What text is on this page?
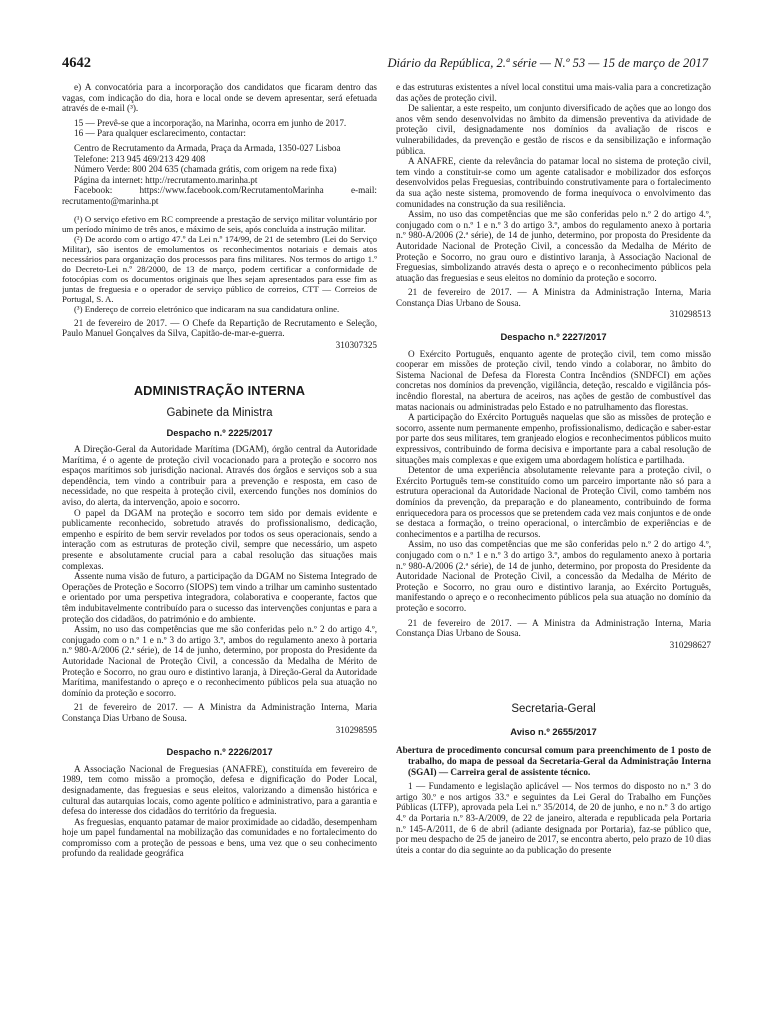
4642	Diário da República, 2.ª série — N.º 53 — 15 de março de 2017

e) A convocatória para a incorporação dos candidatos que ficaram dentro das vagas, com indicação do dia, hora e local onde se devem apresentar, será efetuada através de e-mail (³).

15 — Prevê-se que a incorporação, na Marinha, ocorra em junho de 2017.

16 — Para qualquer esclarecimento, contactar:

Centro de Recrutamento da Armada, Praça da Armada, 1350-027 Lisboa

Telefone: 213 945 469/213 429 408

Número Verde: 800 204 635 (chamada grátis, com origem na rede fixa)

Página da internet: http://recrutamento.marinha.pt

Facebook: https://www.facebook.com/RecrutamentoMarinha e-mail: recrutamento@marinha.pt

(¹) O serviço efetivo em RC compreende a prestação de serviço militar voluntário por um período mínimo de três anos, e máximo de seis, após concluída a instrução militar.

(²) De acordo com o artigo 47.º da Lei n.º 174/99, de 21 de setembro (Lei do Serviço Militar), são isentos de emolumentos os reconhecimentos notariais e demais atos necessários para organização dos processos para fins militares. Nos termos do artigo 1.º do Decreto-Lei n.º 28/2000, de 13 de março, podem certificar a conformidade de fotocópias com os documentos originais que lhes sejam apresentados para esse fim as juntas de freguesia e o operador de serviço público de correios, CTT — Correios de Portugal, S. A.

(³) Endereço de correio eletrónico que indicaram na sua candidatura online.

21 de fevereiro de 2017. — O Chefe da Repartição de Recrutamento e Seleção, Paulo Manuel Gonçalves da Silva, Capitão-de-mar-e-guerra.

310307325

ADMINISTRAÇÃO INTERNA
Gabinete da Ministra
Despacho n.º 2225/2017

A Direção-Geral da Autoridade Marítima (DGAM), órgão central da Autoridade Marítima, é o agente de proteção civil vocacionado para a proteção e socorro nos espaços marítimos sob jurisdição nacional. Através dos órgãos e serviços sob a sua dependência, tem vindo a contribuir para a prevenção e resposta, em caso de necessidade, no que respeita à proteção civil, exercendo funções nos domínios do aviso, do alerta, da intervenção, apoio e socorro.

O papel da DGAM na proteção e socorro tem sido por demais evidente e publicamente reconhecido, sobretudo através do profissionalismo, dedicação, empenho e espírito de bem servir revelados por todos os seus operacionais, sendo a interação com as estruturas de proteção civil, sempre que necessário, um aspeto presente e absolutamente crucial para a cabal resolução das situações mais complexas.

Assente numa visão de futuro, a participação da DGAM no Sistema Integrado de Operações de Proteção e Socorro (SIOPS) tem vindo a trilhar um caminho sustentado e orientado por uma perspetiva integradora, colaborativa e cooperante, factos que têm indubitavelmente contribuído para o sucesso das intervenções conjuntas e para a proteção dos cidadãos, do património e do ambiente.

Assim, no uso das competências que me são conferidas pelo n.º 2 do artigo 4.º, conjugado com o n.º 1 e n.º 3 do artigo 3.º, ambos do regulamento anexo à portaria n.º 980-A/2006 (2.ª série), de 14 de junho, determino, por proposta do Presidente da Autoridade Nacional de Proteção Civil, a concessão da Medalha de Mérito de Proteção e Socorro, no grau ouro e distintivo laranja, à Direção-Geral da Autoridade Marítima, manifestando o apreço e o reconhecimento públicos pela sua atuação no domínio da proteção e socorro.

21 de fevereiro de 2017. — A Ministra da Administração Interna, Maria Constança Dias Urbano de Sousa.

310298595

Despacho n.º 2226/2017

A Associação Nacional de Freguesias (ANAFRE), constituída em fevereiro de 1989, tem como missão a promoção, defesa e dignificação do Poder Local, designadamente, das freguesias e seus eleitos, valorizando a dimensão histórica e cultural das autarquias locais, como agente político e administrativo, para a garantia e defesa do interesse dos cidadãos do território da freguesia.

As freguesias, enquanto patamar de maior proximidade ao cidadão, desempenham hoje um papel fundamental na mobilização das comunidades e no fortalecimento do compromisso com a proteção de pessoas e bens, uma vez que o seu conhecimento profundo da realidade geográfica

e das estruturas existentes a nível local constitui uma mais-valia para a concretização das ações de proteção civil.

De salientar, a este respeito, um conjunto diversificado de ações que ao longo dos anos vêm sendo desenvolvidas no âmbito da dimensão preventiva da atividade de proteção civil, designadamente nos domínios da avaliação de riscos e vulnerabilidades, da prevenção e gestão de riscos e da sensibilização e informação pública.

A ANAFRE, ciente da relevância do patamar local no sistema de proteção civil, tem vindo a constituir-se como um agente catalisador e mobilizador dos esforços desenvolvidos pelas Freguesias, contribuindo construtivamente para o fortalecimento da sua ação neste sistema, promovendo de forma inequívoca o envolvimento das comunidades na construção da sua resiliência.

Assim, no uso das competências que me são conferidas pelo n.º 2 do artigo 4.º, conjugado com o n.º 1 e n.º 3 do artigo 3.º, ambos do regulamento anexo à portaria n.º 980-A/2006 (2.ª série), de 14 de junho, determino, por proposta do Presidente da Autoridade Nacional de Proteção Civil, a concessão da Medalha de Mérito de Proteção e Socorro, no grau ouro e distintivo laranja, à Associação Nacional de Freguesias, simbolizando através desta o apreço e o reconhecimento públicos pela atuação das freguesias e seus eleitos no domínio da proteção e socorro.

21 de fevereiro de 2017. — A Ministra da Administração Interna, Maria Constança Dias Urbano de Sousa.

310298513

Despacho n.º 2227/2017

O Exército Português, enquanto agente de proteção civil, tem como missão cooperar em missões de proteção civil, tendo vindo a colaborar, no âmbito do Sistema Nacional de Defesa da Floresta Contra Incêndios (SNDFCI) em ações concretas nos domínios da prevenção, vigilância, deteção, rescaldo e vigilância pós-incêndio florestal, na abertura de aceiros, nas ações de gestão de combustível das matas nacionais ou administradas pelo Estado e no patrulhamento das florestas.

A participação do Exército Português naquelas que são as missões de proteção e socorro, assente num permanente empenho, profissionalismo, dedicação e saber-estar por parte dos seus militares, tem granjeado elogios e reconhecimentos públicos muito expressivos, contribuindo de forma decisiva e importante para a cabal resolução de situações mais complexas e que exigem uma abordagem holística e partilhada.

Detentor de uma experiência absolutamente relevante para a proteção civil, o Exército Português tem-se constituído como um parceiro importante não só para a estrutura operacional da Autoridade Nacional de Proteção Civil, como também nos domínios da prevenção, da preparação e do planeamento, contribuindo de forma enriquecedora para os processos que se pretendem cada vez mais conjuntos e de onde se destaca a formação, o treino operacional, o intercâmbio de experiências e de conhecimentos e a partilha de recursos.

Assim, no uso das competências que me são conferidas pelo n.º 2 do artigo 4.º, conjugado com o n.º 1 e n.º 3 do artigo 3.º, ambos do regulamento anexo à portaria n.º 980-A/2006 (2.ª série), de 14 de junho, determino, por proposta do Presidente da Autoridade Nacional de Proteção Civil, a concessão da Medalha de Mérito de Proteção e Socorro, no grau ouro e distintivo laranja, ao Exército Português, manifestando o apreço e o reconhecimento públicos pela sua atuação no domínio da proteção e socorro.

21 de fevereiro de 2017. — A Ministra da Administração Interna, Maria Constança Dias Urbano de Sousa.

310298627

Secretaria-Geral
Aviso n.º 2655/2017

Abertura de procedimento concursal comum para preenchimento de 1 posto de trabalho, do mapa de pessoal da Secretaria-Geral da Administração Interna (SGAI) — Carreira geral de assistente técnico.

1 — Fundamento e legislação aplicável — Nos termos do disposto no n.º 3 do artigo 30.º e nos artigos 33.º e seguintes da Lei Geral do Trabalho em Funções Públicas (LTFP), aprovada pela Lei n.º 35/2014, de 20 de junho, e no n.º 3 do artigo 4.º da Portaria n.º 83-A/2009, de 22 de janeiro, alterada e republicada pela Portaria n.º 145-A/2011, de 6 de abril (adiante designada por Portaria), faz-se público que, por meu despacho de 25 de janeiro de 2017, se encontra aberto, pelo prazo de 10 dias úteis a contar do dia seguinte ao da publicação do presente
